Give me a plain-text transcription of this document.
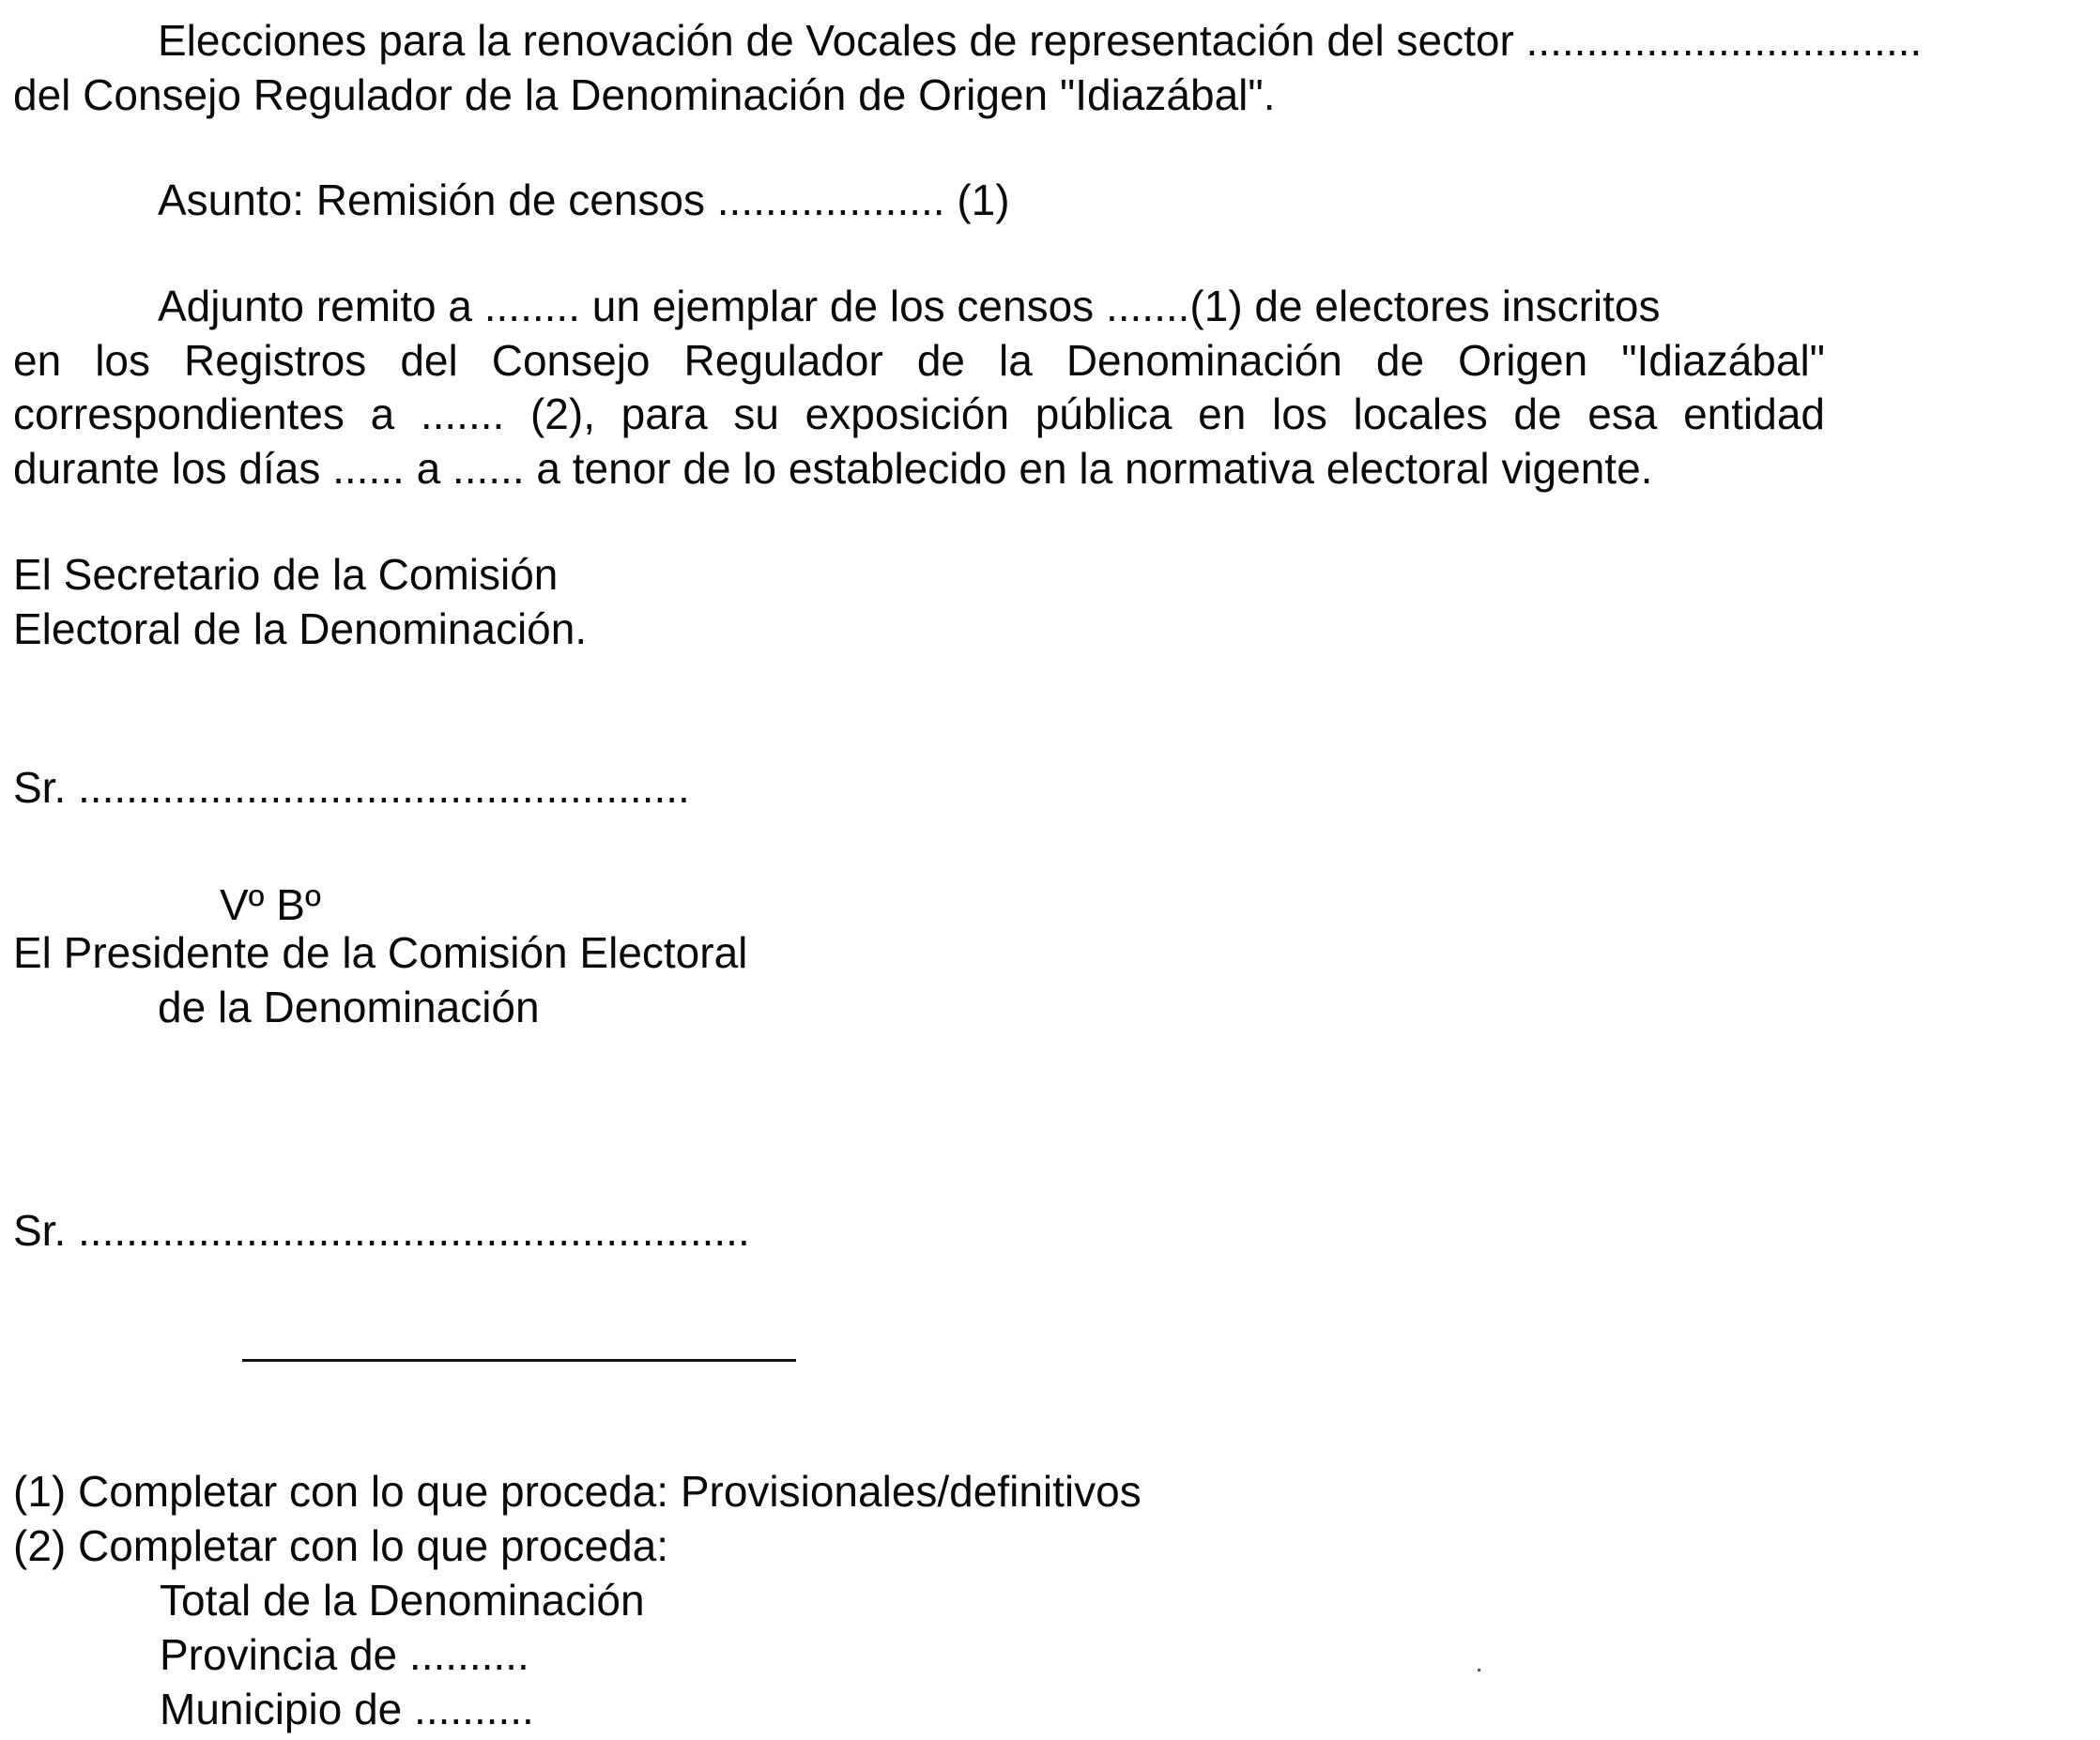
Elecciones para la renovación de Vocales de representación del sector .................................

del Consejo Regulador de la Denominación de Origen "Idiazábal".

Asunto: Remisión de censos ................... (1)

Adjunto remito a ........ un ejemplar de los censos .......(1) de electores inscritos

en los Registros del Consejo Regulador de la Denominación de Origen "Idiazábal"

correspondientes a ....... (2), para su exposición pública en los locales de esa entidad

durante los días ...... a ...... a tenor de lo establecido en la normativa electoral vigente.

El Secretario de la Comisión

Electoral de la Denominación.

Sr. ...................................................

Vº Bº

El Presidente de la Comisión Electoral

de la Denominación

Sr. ........................................................

(1) Completar con lo que proceda: Provisionales/definitivos

(2) Completar con lo que proceda:

Total de la Denominación

Provincia de ..........

Municipio de ..........
